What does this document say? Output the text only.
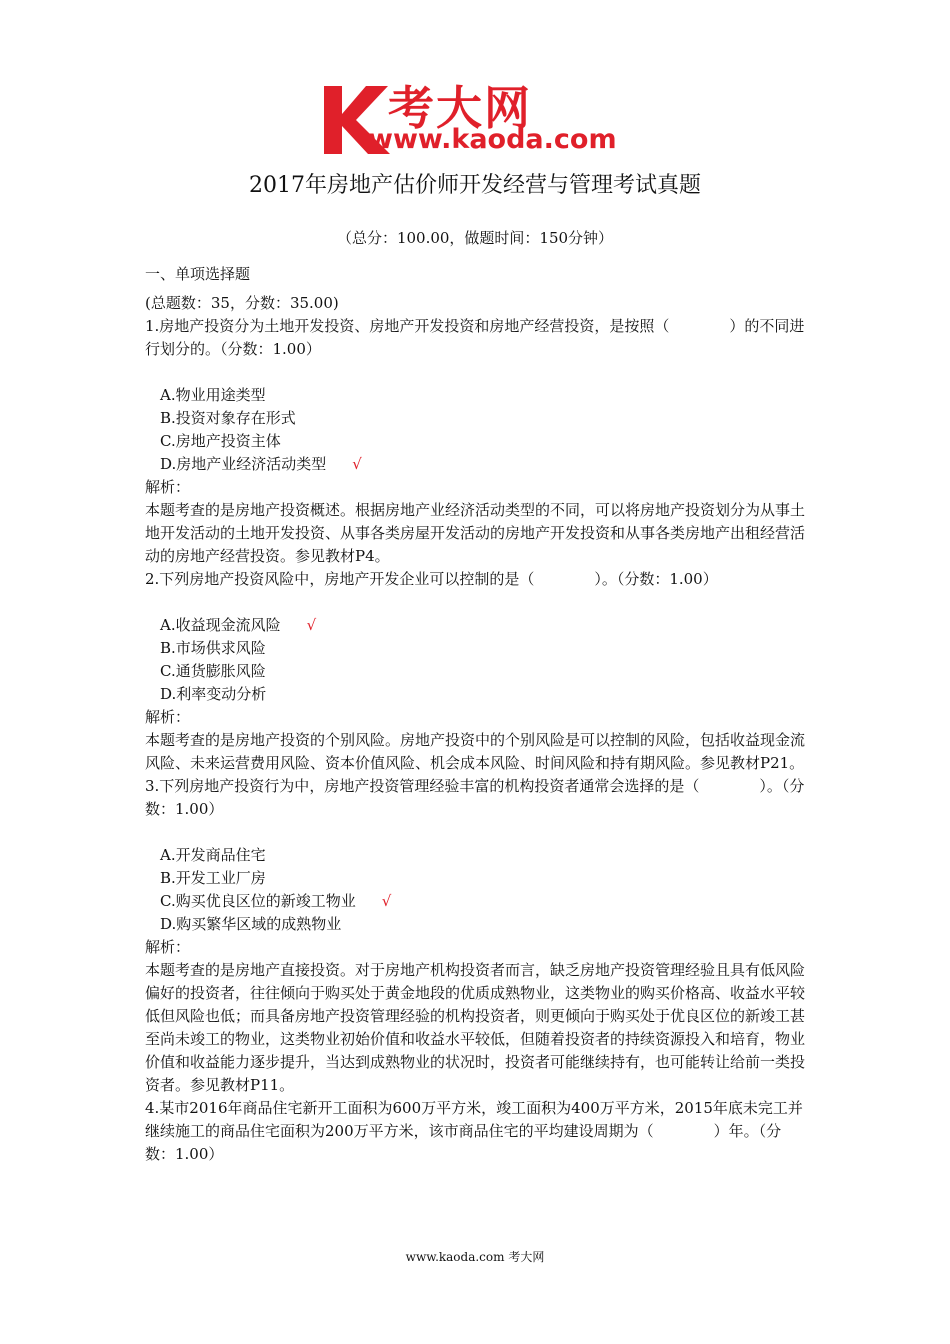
考大网
www.kaoda.com
2017年房地产估价师开发经营与管理考试真题
（总分：100.00，做题时间：150分钟）
一、单项选择题
(总题数：35，分数：35.00)
1.房地产投资分为土地开发投资、房地产开发投资和房地产经营投资，是按照（　　　　）的不同进行划分的。（分数：1.00）
A.物业用途类型
B.投资对象存在形式
C.房地产投资主体
D.房地产业经济活动类型 √
解析：
本题考查的是房地产投资概述。根据房地产业经济活动类型的不同，可以将房地产投资划分为从事土地开发活动的土地开发投资、从事各类房屋开发活动的房地产开发投资和从事各类房地产出租经营活动的房地产经营投资。参见教材P4。
2.下列房地产投资风险中，房地产开发企业可以控制的是（　　　　）。（分数：1.00）
A.收益现金流风险 √
B.市场供求风险
C.通货膨胀风险
D.利率变动分析
解析：
本题考查的是房地产投资的个别风险。房地产投资中的个别风险是可以控制的风险，包括收益现金流风险、未来运营费用风险、资本价值风险、机会成本风险、时间风险和持有期风险。参见教材P21。
3.下列房地产投资行为中，房地产投资管理经验丰富的机构投资者通常会选择的是（　　　　）。（分数：1.00）
A.开发商品住宅
B.开发工业厂房
C.购买优良区位的新竣工物业 √
D.购买繁华区域的成熟物业
解析：
本题考查的是房地产直接投资。对于房地产机构投资者而言，缺乏房地产投资管理经验且具有低风险偏好的投资者，往往倾向于购买处于黄金地段的优质成熟物业，这类物业的购买价格高、收益水平较低但风险也低；而具备房地产投资管理经验的机构投资者，则更倾向于购买处于优良区位的新竣工甚至尚未竣工的物业，这类物业初始价值和收益水平较低，但随着投资者的持续资源投入和培育，物业价值和收益能力逐步提升，当达到成熟物业的状况时，投资者可能继续持有，也可能转让给前一类投资者。参见教材P11。
4.某市2016年商品住宅新开工面积为600万平方米，竣工面积为400万平方米，2015年底未完工并继续施工的商品住宅面积为200万平方米，该市商品住宅的平均建设周期为（　　　　）年。（分数：1.00）
www.kaoda.com 考大网
